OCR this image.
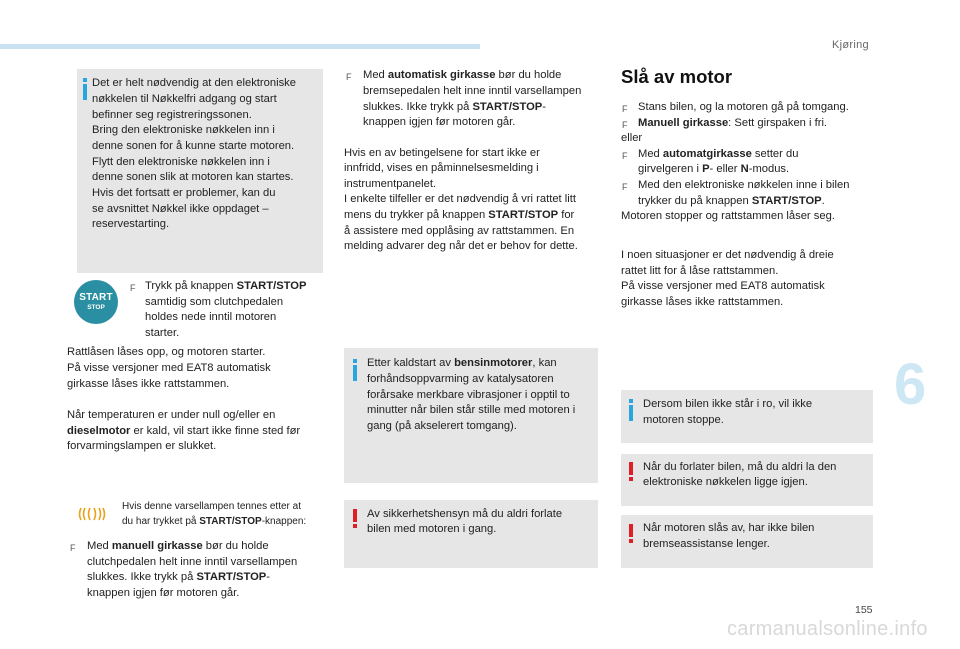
Kjøring
Det er helt nødvendig at den elektroniske
nøkkelen til Nøkkelfri adgang og start
befinner seg registreringssonen.
Bring den elektroniske nøkkelen inn i
denne sonen for å kunne starte motoren.
Flytt den elektroniske nøkkelen inn i
denne sonen slik at motoren kan startes.
Hvis det fortsatt er problemer, kan du
se avsnittet Nøkkel ikke oppdaget –
reservestarting.
START
STOP
F Trykk på knappen START/STOP
samtidig som clutchpedalen
holdes nede inntil motoren
starter.
Rattlåsen låses opp, og motoren starter.
På visse versjoner med EAT8 automatisk
girkasse låses ikke rattstammen.
Når temperaturen er under null og/eller en
dieselmotor er kald, vil start ikke finne sted før
forvarmingslampen er slukket.
Hvis denne varsellampen tennes etter at
du har trykket på START/STOP-knappen:
F Med manuell girkasse bør du holde
clutchpedalen helt inne inntil varsellampen
slukkes. Ikke trykk på START/STOP-
knappen igjen før motoren går.
F Med automatisk girkasse bør du holde
bremsepedalen helt inne inntil varsellampen
slukkes. Ikke trykk på START/STOP-
knappen igjen før motoren går.
Hvis en av betingelsene for start ikke er
innfridd, vises en påminnelsesmelding i
instrumentpanelet.
I enkelte tilfeller er det nødvendig å vri rattet litt
mens du trykker på knappen START/STOP for
å assistere med opplåsing av rattstammen. En
melding advarer deg når det er behov for dette.
Etter kaldstart av bensinmotorer, kan
forhåndsoppvarming av katalysatoren
forårsake merkbare vibrasjoner i opptil to
minutter når bilen står stille med motoren i
gang (på akselerert tomgang).
Av sikkerhetshensyn må du aldri forlate
bilen med motoren i gang.
Slå av motor
F Stans bilen, og la motoren gå på tomgang.
F Manuell girkasse: Sett girspaken i fri.
eller
F Med automatgirkasse setter du
girvelgeren i P- eller N-modus.
F Med den elektroniske nøkkelen inne i bilen
trykker du på knappen START/STOP.
Motoren stopper og rattstammen låser seg.
I noen situasjoner er det nødvendig å dreie
rattet litt for å låse rattstammen.
På visse versjoner med EAT8 automatisk
girkasse låses ikke rattstammen.
Dersom bilen ikke står i ro, vil ikke
motoren stoppe.
Når du forlater bilen, må du aldri la den
elektroniske nøkkelen ligge igjen.
Når motoren slås av, har ikke bilen
bremseassistanse lenger.
6
155
carmanualsonline.info
